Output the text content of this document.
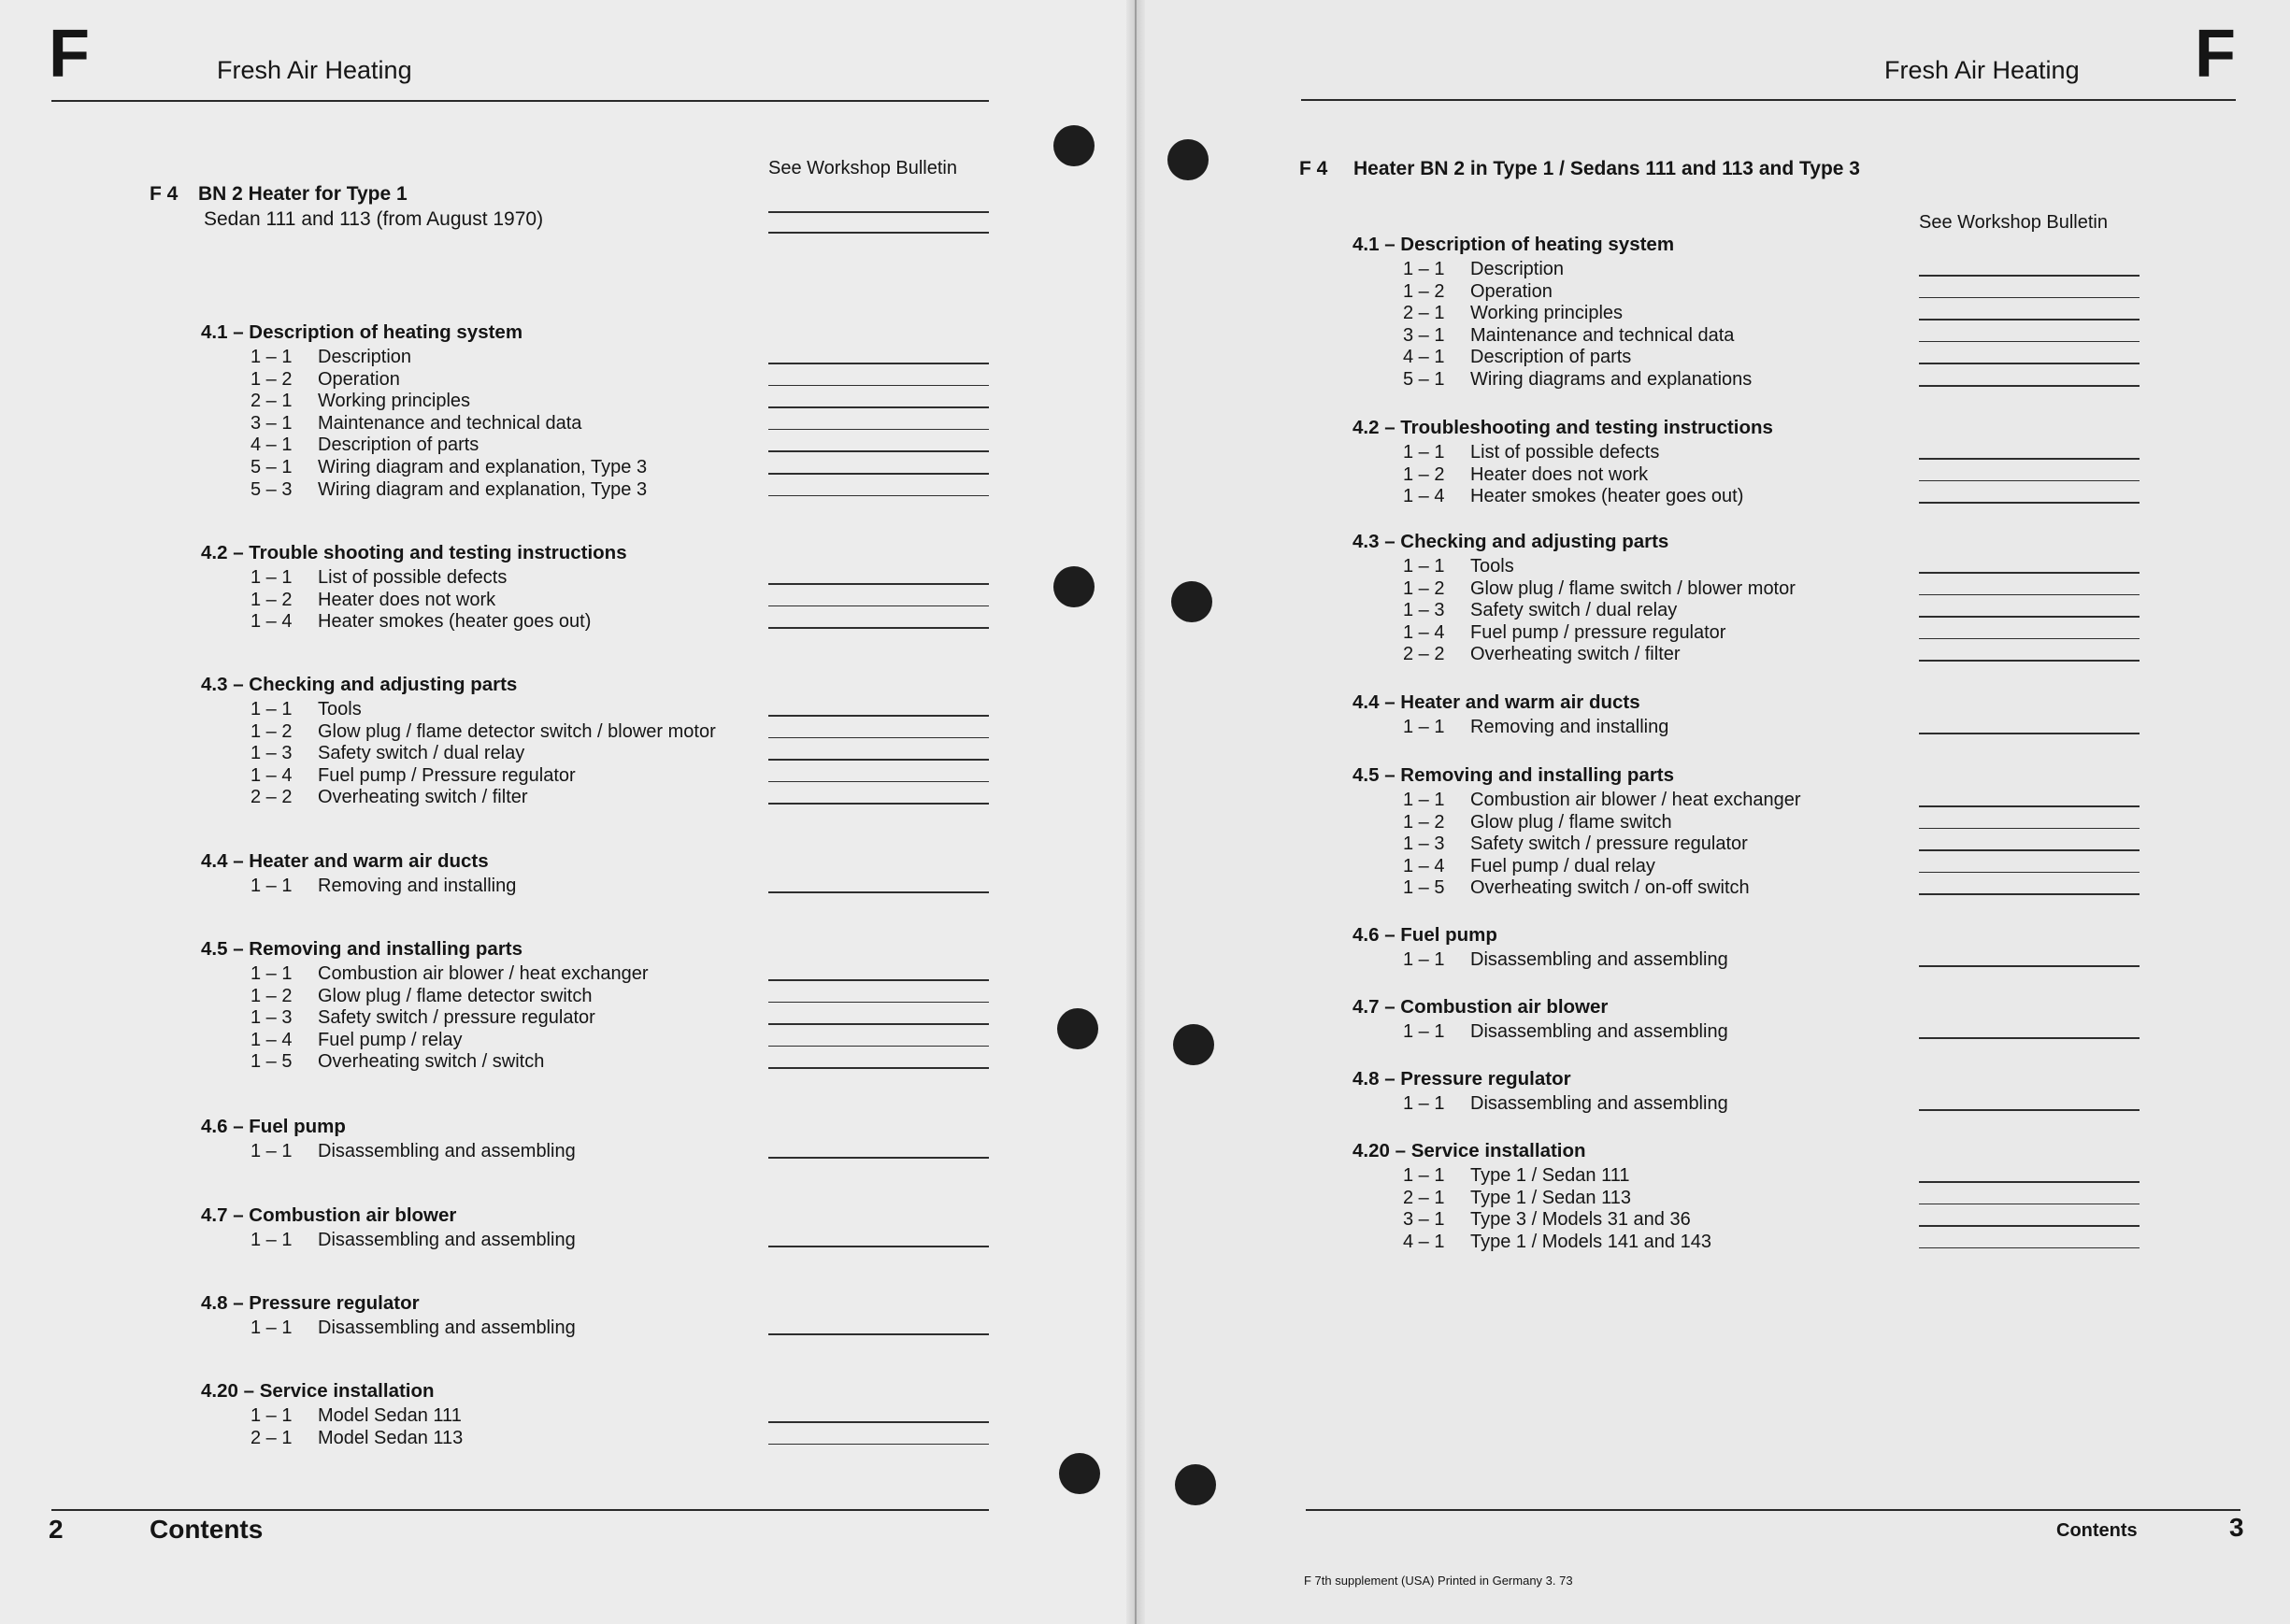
F	Fresh Air Heating
See Workshop Bulletin
F 4 BN 2 Heater for Type 1
Sedan 111 and 113 (from August 1970)
4.1 – Description of heating system
1 – 1 Description
1 – 2 Operation
2 – 1 Working principles
3 – 1 Maintenance and technical data
4 – 1 Description of parts
5 – 1 Wiring diagram and explanation, Type 3
5 – 3 Wiring diagram and explanation, Type 3
4.2 – Trouble shooting and testing instructions
1 – 1 List of possible defects
1 – 2 Heater does not work
1 – 4 Heater smokes (heater goes out)
4.3 – Checking and adjusting parts
1 – 1 Tools
1 – 2 Glow plug / flame detector switch / blower motor
1 – 3 Safety switch / dual relay
1 – 4 Fuel pump / Pressure regulator
2 – 2 Overheating switch / filter
4.4 – Heater and warm air ducts
1 – 1 Removing and installing
4.5 – Removing and installing parts
1 – 1 Combustion air blower / heat exchanger
1 – 2 Glow plug / flame detector switch
1 – 3 Safety switch / pressure regulator
1 – 4 Fuel pump / relay
1 – 5 Overheating switch / switch
4.6 – Fuel pump
1 – 1 Disassembling and assembling
4.7 – Combustion air blower
1 – 1 Disassembling and assembling
4.8 – Pressure regulator
1 – 1 Disassembling and assembling
4.20 – Service installation
1 – 1 Model Sedan 111
2 – 1 Model Sedan 113
2	Contents
Fresh Air Heating F
F 4 Heater BN 2 in Type 1 / Sedans 111 and 113 and Type 3
See Workshop Bulletin
4.1 – Description of heating system
1 – 1 Description
1 – 2 Operation
2 – 1 Working principles
3 – 1 Maintenance and technical data
4 – 1 Description of parts
5 – 1 Wiring diagrams and explanations
4.2 – Troubleshooting and testing instructions
1 – 1 List of possible defects
1 – 2 Heater does not work
1 – 4 Heater smokes (heater goes out)
4.3 – Checking and adjusting parts
1 – 1 Tools
1 – 2 Glow plug / flame switch / blower motor
1 – 3 Safety switch / dual relay
1 – 4 Fuel pump / pressure regulator
2 – 2 Overheating switch / filter
4.4 – Heater and warm air ducts
1 – 1 Removing and installing
4.5 – Removing and installing parts
1 – 1 Combustion air blower / heat exchanger
1 – 2 Glow plug / flame switch
1 – 3 Safety switch / pressure regulator
1 – 4 Fuel pump / dual relay
1 – 5 Overheating switch / on-off switch
4.6 – Fuel pump
1 – 1 Disassembling and assembling
4.7 – Combustion air blower
1 – 1 Disassembling and assembling
4.8 – Pressure regulator
1 – 1 Disassembling and assembling
4.20 – Service installation
1 – 1 Type 1 / Sedan 111
2 – 1 Type 1 / Sedan 113
3 – 1 Type 3 / Models 31 and 36
4 – 1 Type 1 / Models 141 and 143
Contents	3
F 7th supplement (USA) Printed in Germany 3. 73
